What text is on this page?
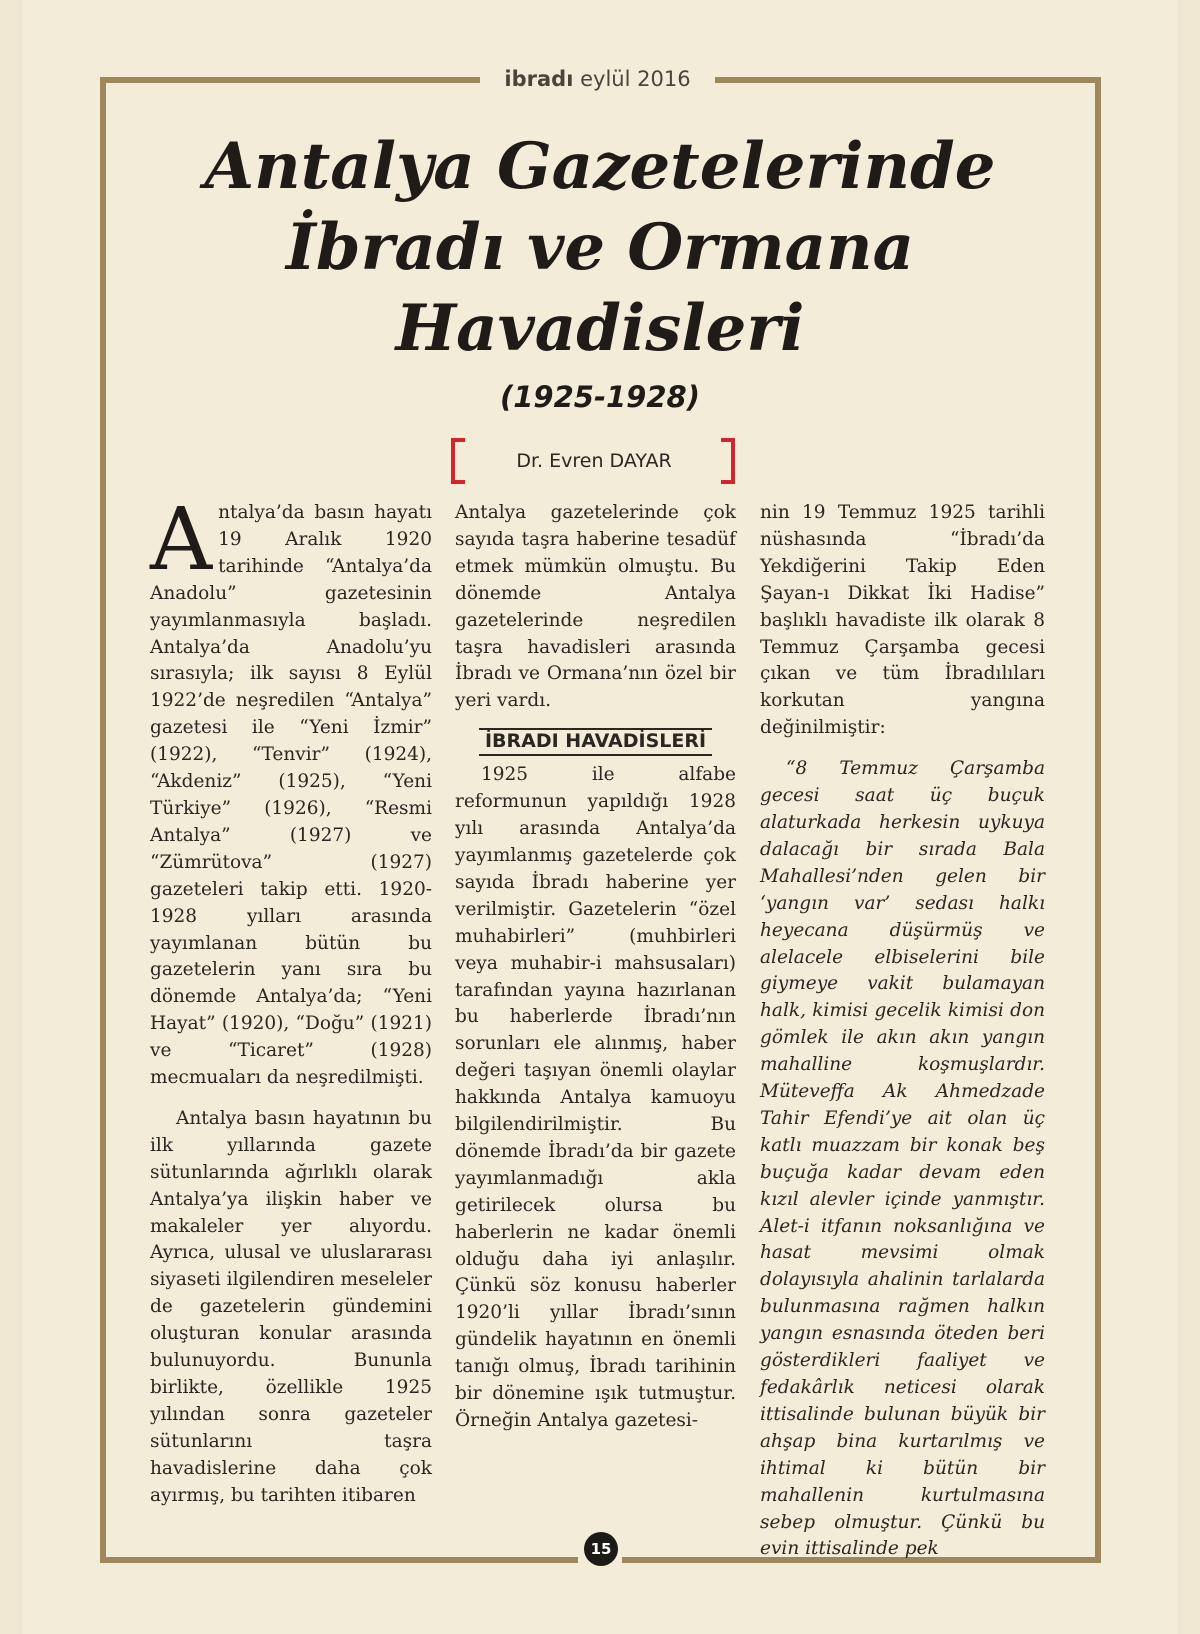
ibradı eylül 2016
Antalya Gazetelerinde
İbradı ve Ormana
Havadisleri
(1925-1928)
Dr. Evren DAYAR

Antalya’da basın hayatı 19 Aralık 1920 tarihinde “Antalya’da Anadolu” gazetesinin yayımlanmasıyla başladı. Antalya’da Anadolu’yu sırasıyla; ilk sayısı 8 Eylül 1922’de neşredilen “Antalya” gazetesi ile “Yeni İzmir” (1922), “Tenvir” (1924), “Akdeniz” (1925), “Yeni Türkiye” (1926), “Resmi Antalya” (1927) ve “Zümrütova” (1927) gazeteleri takip etti. 1920-1928 yılları arasında yayımlanan bütün bu gazetelerin yanı sıra bu dönemde Antalya’da; “Yeni Hayat” (1920), “Doğu” (1921) ve “Ticaret” (1928) mecmuaları da neşredilmişti.

Antalya basın hayatının bu ilk yıllarında gazete sütunlarında ağırlıklı olarak Antalya’ya ilişkin haber ve makaleler yer alıyordu. Ayrıca, ulusal ve uluslararası siyaseti ilgilendiren meseleler de gazetelerin gündemini oluşturan konular arasında bulunuyordu. Bununla birlikte, özellikle 1925 yılından sonra gazeteler sütunlarını taşra havadislerine daha çok ayırmış, bu tarihten itibaren

Antalya gazetelerinde çok sayıda taşra haberine tesadüf etmek mümkün olmuştu. Bu dönemde Antalya gazetelerinde neşredilen taşra havadisleri arasında İbradı ve Ormana’nın özel bir yeri vardı.

İBRADI HAVADİSLERİ

1925 ile alfabe reformunun yapıldığı 1928 yılı arasında Antalya’da yayımlanmış gazetelerde çok sayıda İbradı haberine yer verilmiştir. Gazetelerin “özel muhabirleri” (muhbirleri veya muhabir-i mahsusaları) tarafından yayına hazırlanan bu haberlerde İbradı’nın sorunları ele alınmış, haber değeri taşıyan önemli olaylar hakkında Antalya kamuoyu bilgilendirilmiştir. Bu dönemde İbradı’da bir gazete yayımlanmadığı akla getirilecek olursa bu haberlerin ne kadar önemli olduğu daha iyi anlaşılır. Çünkü söz konusu haberler 1920’li yıllar İbradı’sının gündelik hayatının en önemli tanığı olmuş, İbradı tarihinin bir dönemine ışık tutmuştur. Örneğin Antalya gazetesi-

nin 19 Temmuz 1925 tarihli nüshasında “İbradı’da Yekdiğerini Takip Eden Şayan-ı Dikkat İki Hadise” başlıklı havadiste ilk olarak 8 Temmuz Çarşamba gecesi çıkan ve tüm İbradılıları korkutan yangına değinilmiştir:

“8 Temmuz Çarşamba gecesi saat üç buçuk alaturkada herkesin uykuya dalacağı bir sırada Bala Mahallesi’nden gelen bir ‘yangın var’ sedası halkı heyecana düşürmüş ve alelacele elbiselerini bile giymeye vakit bulamayan halk, kimisi gecelik kimisi don gömlek ile akın akın yangın mahalline koşmuşlardır. Müteveffa Ak Ahmedzade Tahir Efendi’ye ait olan üç katlı muazzam bir konak beş buçuğa kadar devam eden kızıl alevler içinde yanmıştır. Alet-i itfanın noksanlığına ve hasat mevsimi olmak dolayısıyla ahalinin tarlalarda bulunmasına rağmen halkın yangın esnasında öteden beri gösterdikleri faaliyet ve fedakârlık neticesi olarak ittisalinde bulunan büyük bir ahşap bina kurtarılmış ve ihtimal ki bütün bir mahallenin kurtulmasına sebep olmuştur. Çünkü bu evin ittisalinde pek

15
